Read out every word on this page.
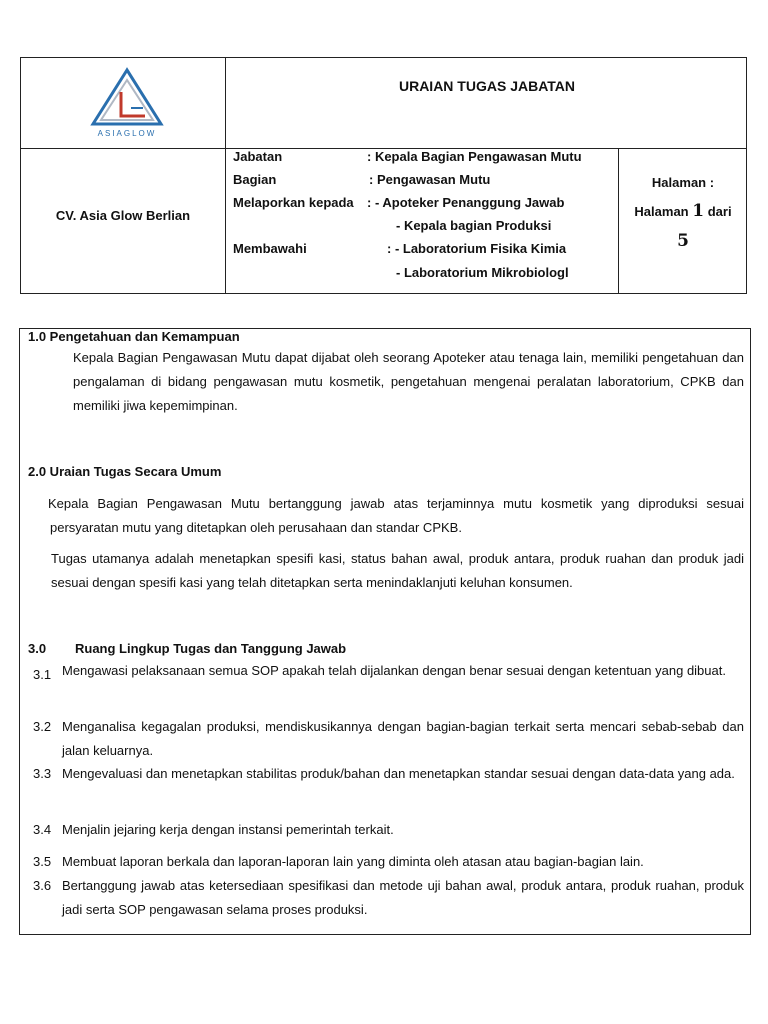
ASIAGLOW
URAIAN TUGAS JABATAN
CV. Asia Glow Berlian
Jabatan	: Kepala Bagian Pengawasan Mutu
Bagian	: Pengawasan Mutu
Melaporkan kepada : - Apoteker Penanggung Jawab
- Kepala bagian Produksi
Membawahi	: - Laboratorium Fisika Kimia
- Laboratorium Mikrobiologl
Halaman :
Halaman 1 dari
5
1.0 Pengetahuan dan Kemampuan
Kepala Bagian Pengawasan Mutu dapat dijabat oleh seorang Apoteker atau tenaga lain, memiliki pengetahuan dan pengalaman di bidang pengawasan mutu kosmetik, pengetahuan mengenai peralatan laboratorium, CPKB dan memiliki jiwa kepemimpinan.
2.0 Uraian Tugas Secara Umum
Kepala Bagian Pengawasan Mutu bertanggung jawab atas terjaminnya mutu kosmetik yang diproduksi sesuai persyaratan mutu yang ditetapkan oleh perusahaan dan standar CPKB.
Tugas utamanya adalah menetapkan spesifi kasi, status bahan awal, produk antara, produk ruahan dan produk jadi sesuai dengan spesifi kasi yang telah ditetapkan serta menindaklanjuti keluhan konsumen.
3.0 Ruang Lingkup Tugas dan Tanggung Jawab
3.1 Mengawasi pelaksanaan semua SOP apakah telah dijalankan dengan benar sesuai dengan ketentuan yang dibuat.
3.2 Menganalisa kegagalan produksi, mendiskusikannya dengan bagian-bagian terkait serta mencari sebab-sebab dan jalan keluarnya.
3.3 Mengevaluasi dan menetapkan stabilitas produk/bahan dan menetapkan standar sesuai dengan data-data yang ada.
3.4 Menjalin jejaring kerja dengan instansi pemerintah terkait.
3.5 Membuat laporan berkala dan laporan-laporan lain yang diminta oleh atasan atau bagian-bagian lain.
3.6 Bertanggung jawab atas ketersediaan spesifikasi dan metode uji bahan awal, produk antara, produk ruahan, produk jadi serta SOP pengawasan selama proses produksi.
